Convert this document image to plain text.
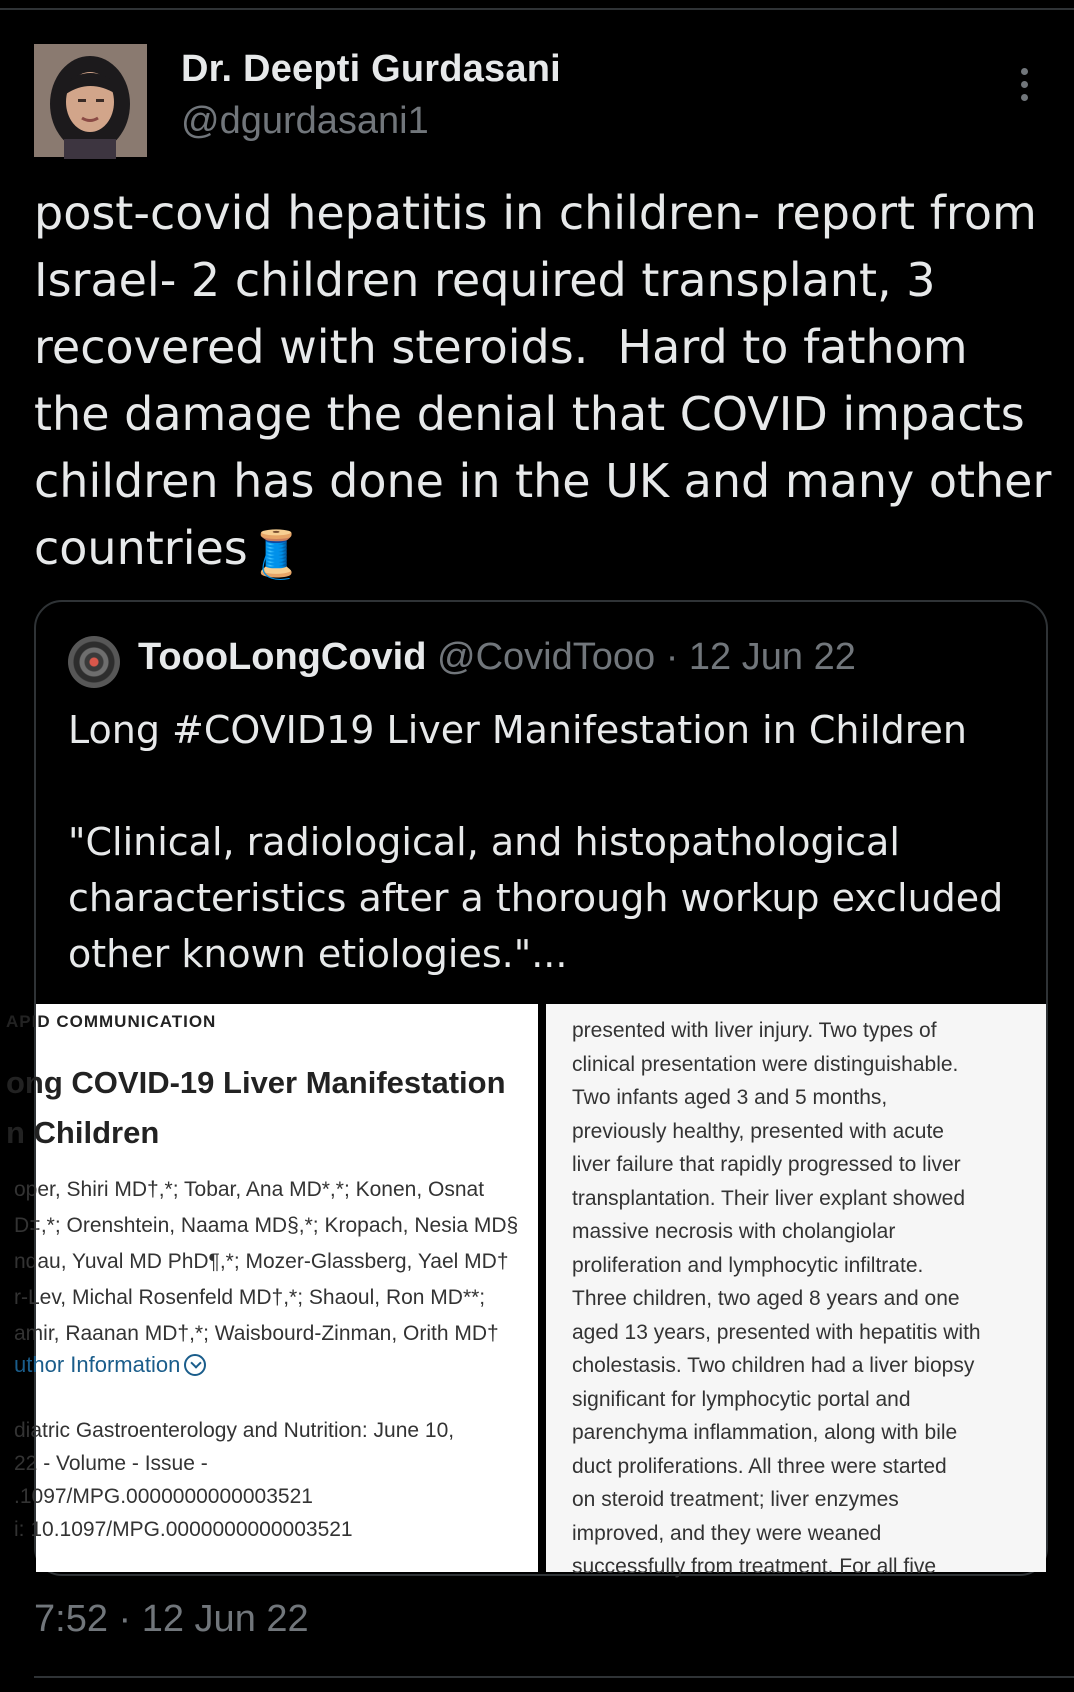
Dr. Deepti Gurdasani
@dgurdasani1
post-covid hepatitis in children- report from Israel- 2 children required transplant, 3 recovered with steroids.  Hard to fathom the damage the denial that COVID impacts children has done in the UK and many other countries🧵
ToooLongCovid @CovidTooo · 12 Jun 22
Long #COVID19 Liver Manifestation in Children

"Clinical, radiological, and histopathological characteristics after a thorough workup excluded other known etiologies."...
APID COMMUNICATION
ong COVID-19 Liver Manifestation
n Children
oper, Shiri MD†,*; Tobar, Ana MD*,*; Konen, Osnat
D‡,*; Orenshtein, Naama MD§,*; Kropach, Nesia MD§
ndau, Yuval MD PhD¶,*; Mozer-Glassberg, Yael MD†
r-Lev, Michal Rosenfeld MD†,*; Shaoul, Ron MD**;
amir, Raanan MD†,*; Waisbourd-Zinman, Orith MD†
uthor Information
diatric Gastroenterology and Nutrition: June 10,
22 - Volume - Issue -
.1097/MPG.0000000000003521
i: 10.1097/MPG.0000000000003521
presented with liver injury. Two types of
clinical presentation were distinguishable.
Two infants aged 3 and 5 months,
previously healthy, presented with acute
liver failure that rapidly progressed to liver
transplantation. Their liver explant showed
massive necrosis with cholangiolar
proliferation and lymphocytic infiltrate.
Three children, two aged 8 years and one
aged 13 years, presented with hepatitis with
cholestasis. Two children had a liver biopsy
significant for lymphocytic portal and
parenchyma inflammation, along with bile
duct proliferations. All three were started
on steroid treatment; liver enzymes
improved, and they were weaned
successfully from treatment. For all five
7:52 · 12 Jun 22
